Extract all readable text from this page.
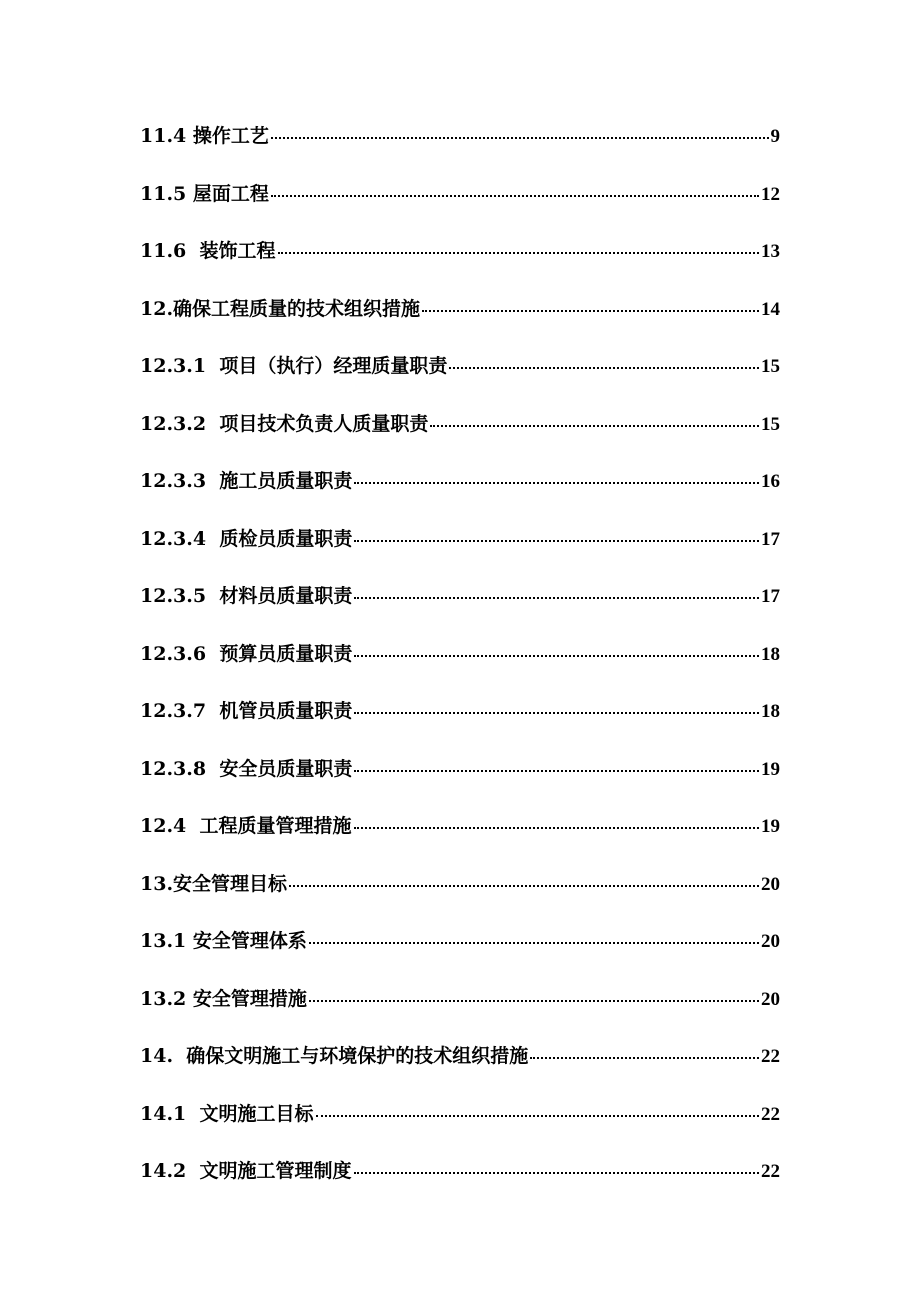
11.4 操作工艺	9
11.5 屋面工程	12
11.6  装饰工程	13
12.确保工程质量的技术组织措施	14
12.3.1  项目（执行）经理质量职责	15
12.3.2  项目技术负责人质量职责	15
12.3.3  施工员质量职责	16
12.3.4  质检员质量职责	17
12.3.5  材料员质量职责	17
12.3.6  预算员质量职责	18
12.3.7  机管员质量职责	18
12.3.8  安全员质量职责	19
12.4  工程质量管理措施	19
13.安全管理目标	20
13.1 安全管理体系	20
13.2 安全管理措施	20
14.  确保文明施工与环境保护的技术组织措施	22
14.1  文明施工目标	22
14.2  文明施工管理制度	22
